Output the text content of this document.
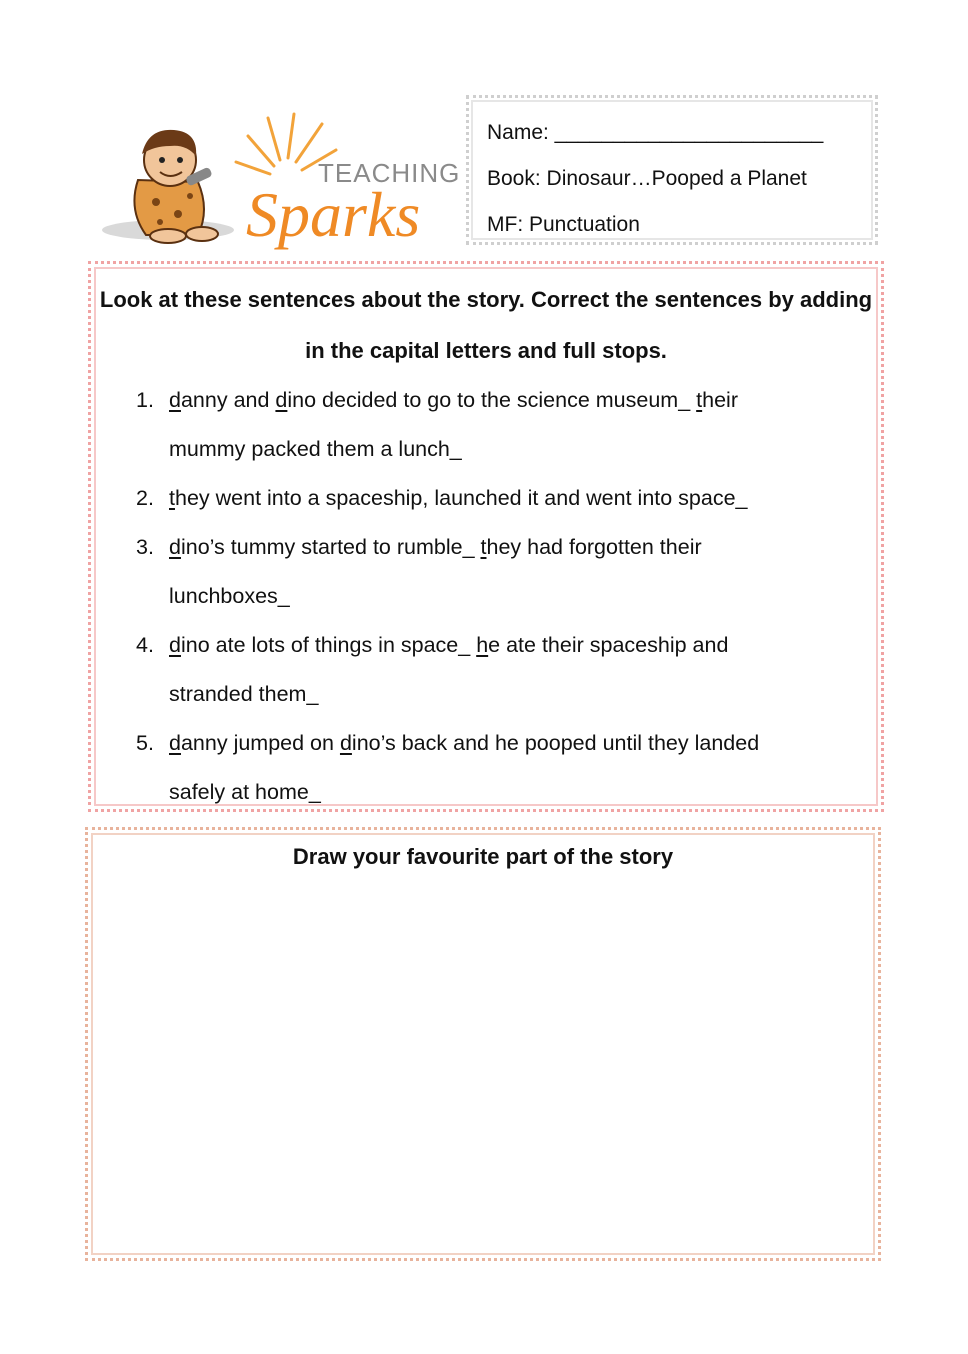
TEACHING
Sparks
Name: _______________________
Book: Dinosaur…Pooped a Planet
MF: Punctuation
Look at these sentences about the story. Correct the sentences by adding in the capital letters and full stops.
1. danny and dino decided to go to the science museum_ their
mummy packed them a lunch_
2. they went into a spaceship, launched it and went into space_
3. dino’s tummy started to rumble_ they had forgotten their
lunchboxes_
4. dino ate lots of things in space_ he ate their spaceship and
stranded them_
5. danny jumped on dino’s back and he pooped until they landed
safely at home_
Draw your favourite part of the story
